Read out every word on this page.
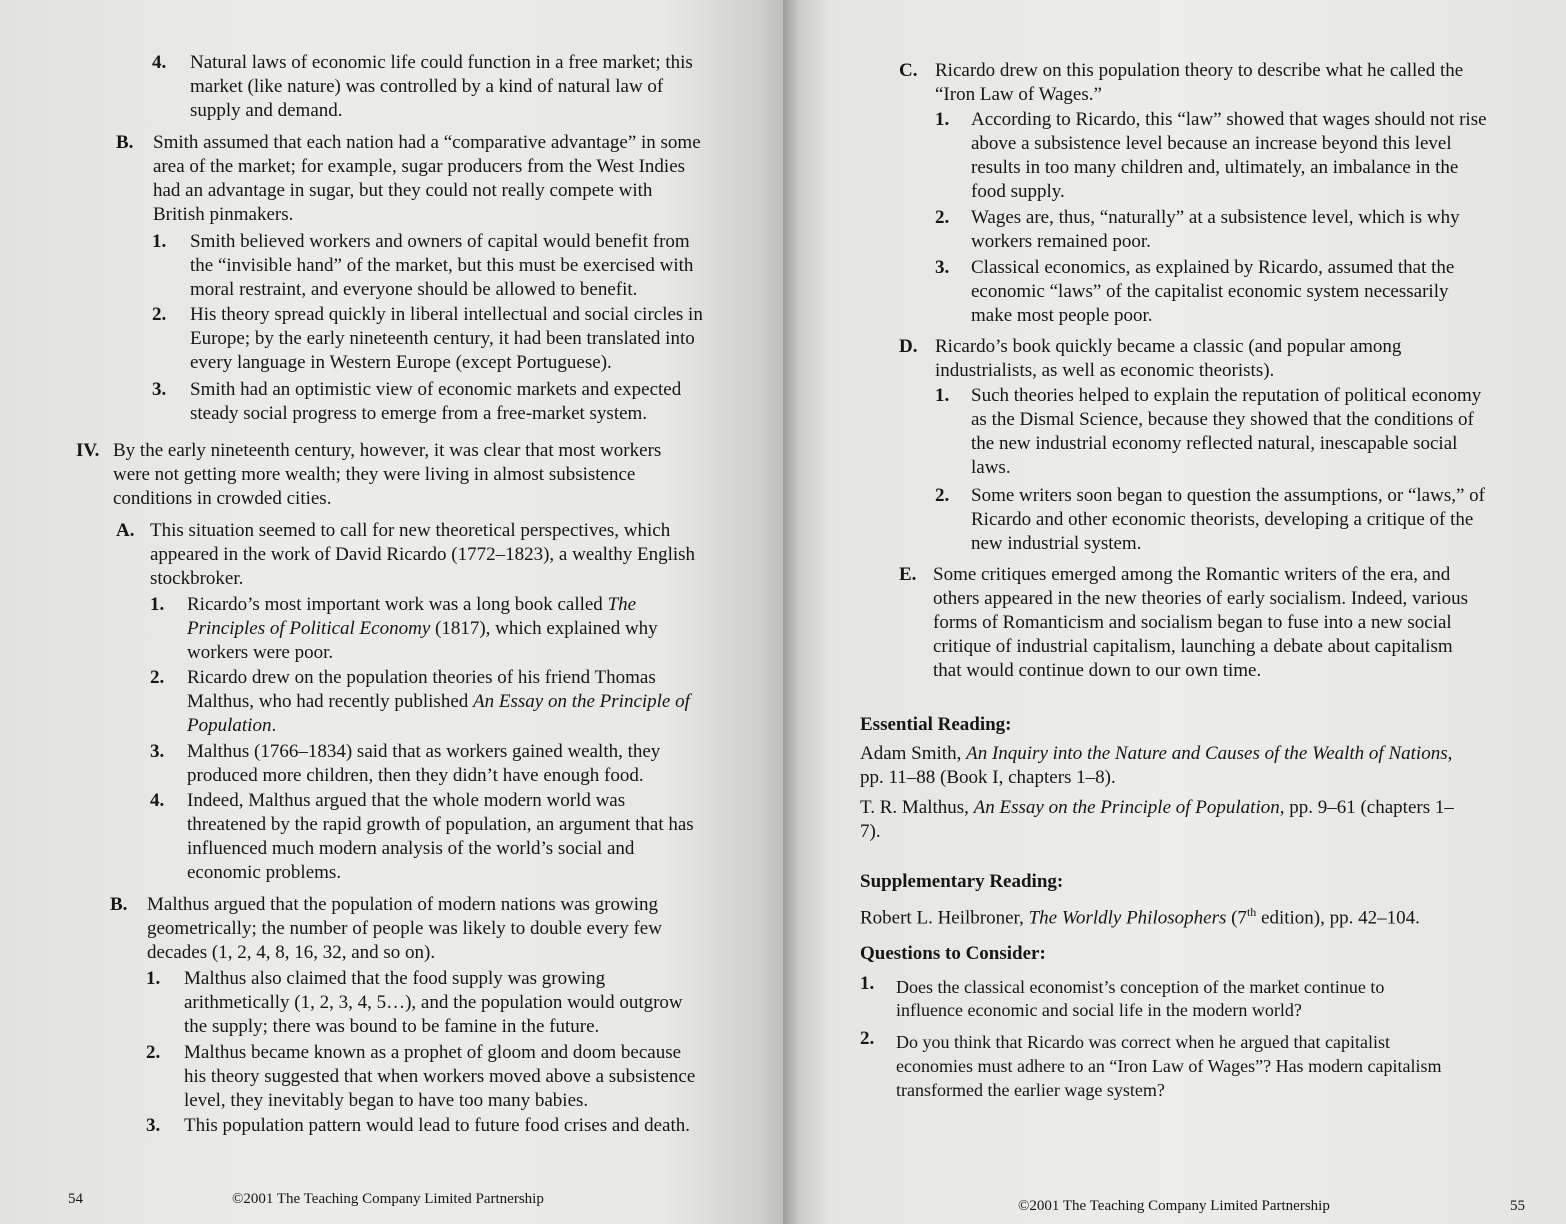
4. Natural laws of economic life could function in a free market; this
market (like nature) was controlled by a kind of natural law of
supply and demand.
B. Smith assumed that each nation had a “comparative advantage” in some
area of the market; for example, sugar producers from the West Indies
had an advantage in sugar, but they could not really compete with
British pinmakers.
1. Smith believed workers and owners of capital would benefit from
the “invisible hand” of the market, but this must be exercised with
moral restraint, and everyone should be allowed to benefit.
2. His theory spread quickly in liberal intellectual and social circles in
Europe; by the early nineteenth century, it had been translated into
every language in Western Europe (except Portuguese).
3. Smith had an optimistic view of economic markets and expected
steady social progress to emerge from a free-market system.
IV. By the early nineteenth century, however, it was clear that most workers
were not getting more wealth; they were living in almost subsistence
conditions in crowded cities.
A. This situation seemed to call for new theoretical perspectives, which
appeared in the work of David Ricardo (1772–1823), a wealthy English
stockbroker.
1. Ricardo’s most important work was a long book called The
Principles of Political Economy (1817), which explained why
workers were poor.
2. Ricardo drew on the population theories of his friend Thomas
Malthus, who had recently published An Essay on the Principle of
Population.
3. Malthus (1766–1834) said that as workers gained wealth, they
produced more children, then they didn’t have enough food.
4. Indeed, Malthus argued that the whole modern world was
threatened by the rapid growth of population, an argument that has
influenced much modern analysis of the world’s social and
economic problems.
B. Malthus argued that the population of modern nations was growing
geometrically; the number of people was likely to double every few
decades (1, 2, 4, 8, 16, 32, and so on).
1. Malthus also claimed that the food supply was growing
arithmetically (1, 2, 3, 4, 5…), and the population would outgrow
the supply; there was bound to be famine in the future.
2. Malthus became known as a prophet of gloom and doom because
his theory suggested that when workers moved above a subsistence
level, they inevitably began to have too many babies.
3. This population pattern would lead to future food crises and death.
54	©2001 The Teaching Company Limited Partnership
C. Ricardo drew on this population theory to describe what he called the
“Iron Law of Wages.”
1. According to Ricardo, this “law” showed that wages should not rise
above a subsistence level because an increase beyond this level
results in too many children and, ultimately, an imbalance in the
food supply.
2. Wages are, thus, “naturally” at a subsistence level, which is why
workers remained poor.
3. Classical economics, as explained by Ricardo, assumed that the
economic “laws” of the capitalist economic system necessarily
make most people poor.
D. Ricardo’s book quickly became a classic (and popular among
industrialists, as well as economic theorists).
1. Such theories helped to explain the reputation of political economy
as the Dismal Science, because they showed that the conditions of
the new industrial economy reflected natural, inescapable social
laws.
2. Some writers soon began to question the assumptions, or “laws,” of
Ricardo and other economic theorists, developing a critique of the
new industrial system.
E. Some critiques emerged among the Romantic writers of the era, and
others appeared in the new theories of early socialism. Indeed, various
forms of Romanticism and socialism began to fuse into a new social
critique of industrial capitalism, launching a debate about capitalism
that would continue down to our own time.
Essential Reading:
Adam Smith, An Inquiry into the Nature and Causes of the Wealth of Nations,
pp. 11–88 (Book I, chapters 1–8).
T. R. Malthus, An Essay on the Principle of Population, pp. 9–61 (chapters 1–
7).
Supplementary Reading:
Robert L. Heilbroner, The Worldly Philosophers (7th edition), pp. 42–104.
Questions to Consider:
1. Does the classical economist’s conception of the market continue to
influence economic and social life in the modern world?
2. Do you think that Ricardo was correct when he argued that capitalist
economies must adhere to an “Iron Law of Wages”? Has modern capitalism
transformed the earlier wage system?
©2001 The Teaching Company Limited Partnership	55
